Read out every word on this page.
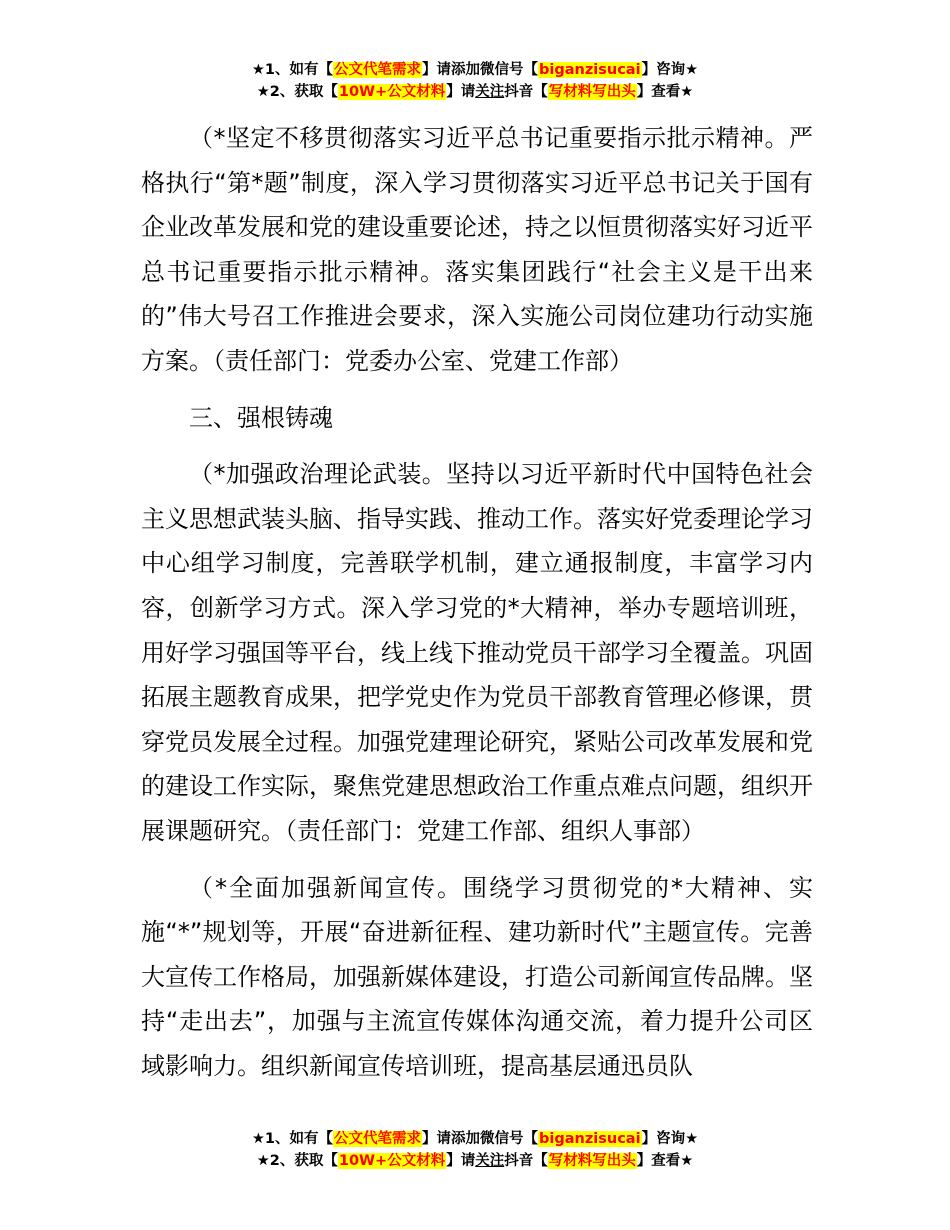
★1、如有【公文代笔需求】请添加微信号【biganzisucai】咨询★
★2、获取【10W+公文材料】请关注抖音【写材料写出头】查看★

（*坚定不移贯彻落实习近平总书记重要指示批示精神。严格执行“第*题”制度，深入学习贯彻落实习近平总书记关于国有企业改革发展和党的建设重要论述，持之以恒贯彻落实好习近平总书记重要指示批示精神。落实集团践行“社会主义是干出来的”伟大号召工作推进会要求，深入实施公司岗位建功行动实施方案。（责任部门：党委办公室、党建工作部）

三、强根铸魂

（*加强政治理论武装。坚持以习近平新时代中国特色社会主义思想武装头脑、指导实践、推动工作。落实好党委理论学习中心组学习制度，完善联学机制，建立通报制度，丰富学习内容，创新学习方式。深入学习党的*大精神，举办专题培训班，用好学习强国等平台，线上线下推动党员干部学习全覆盖。巩固拓展主题教育成果，把学党史作为党员干部教育管理必修课，贯穿党员发展全过程。加强党建理论研究，紧贴公司改革发展和党的建设工作实际，聚焦党建思想政治工作重点难点问题，组织开展课题研究。（责任部门：党建工作部、组织人事部）

（*全面加强新闻宣传。围绕学习贯彻党的*大精神、实施“*”规划等，开展“奋进新征程、建功新时代”主题宣传。完善大宣传工作格局，加强新媒体建设，打造公司新闻宣传品牌。坚持“走出去”，加强与主流宣传媒体沟通交流，着力提升公司区域影响力。组织新闻宣传培训班，提高基层通迅员队

★1、如有【公文代笔需求】请添加微信号【biganzisucai】咨询★
★2、获取【10W+公文材料】请关注抖音【写材料写出头】查看★
